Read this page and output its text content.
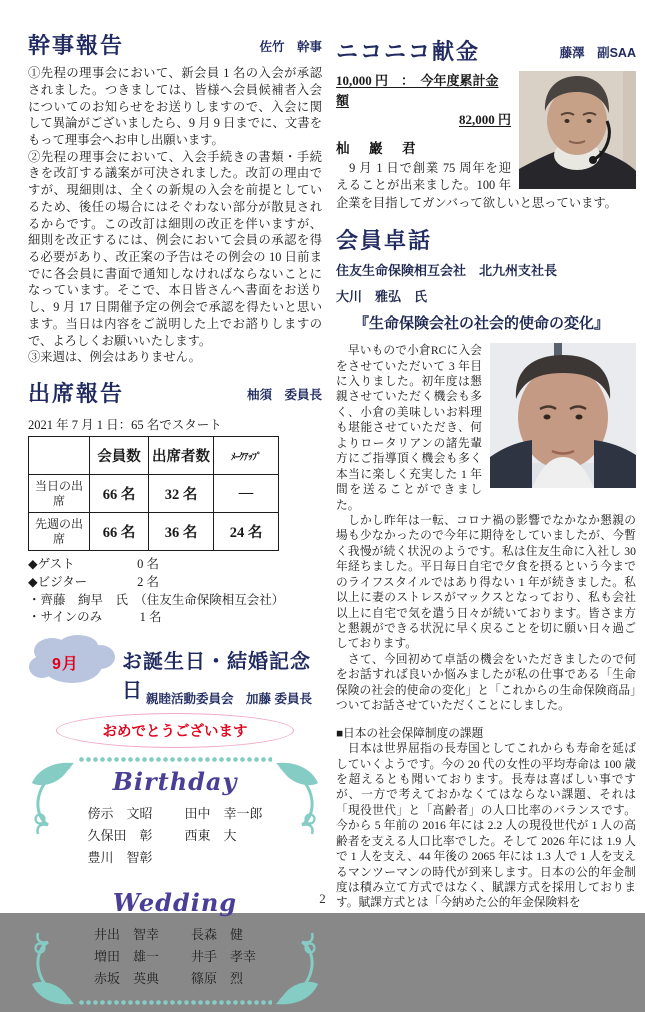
幹事報告	佐竹　幹事

①先程の理事会において、新会員 1 名の入会が承認されました。つきましては、皆様へ会員候補者入会についてのお知らせをお送りしますので、入会に関して異論がございましたら、9 月 9 日までに、文書をもって理事会へお申し出願います。

②先程の理事会において、入会手続きの書類・手続きを改訂する議案が可決されました。改訂の理由ですが、現細則は、全くの新規の入会を前提としているため、後任の場合にはそぐわない部分が散見されるからです。この改訂は細則の改正を伴いますが、細則を改正するには、例会において会員の承認を得る必要があり、改正案の予告はその例会の 10 日前までに各会員に書面で通知しなければならないことになっています。そこで、本日皆さんへ書面をお送りし、9 月 17 日開催予定の例会で承認を得たいと思います。当日は内容をご説明した上でお諮りしますので、よろしくお願いいたします。

③来週は、例会はありません。

出席報告	柚須　委員長

2021 年 7 月 1 日：65 名でスタート

	会員数	出席者数	ﾒｰｸｱｯﾌﾟ
当日の出席	66 名	32 名	―
先週の出席	66 名	36 名	24 名

◆ゲスト　　　　　0 名

◆ビジター　　　　2 名

・齊藤　絢早　氏　（住友生命保険相互会社）

・サインのみ　　　1 名

9月 お誕生日・結婚記念日 親睦活動委員会　加藤 委員長

おめでとうございます
Birthday
傍示　文昭 田中　幸一郎
久保田　彰 西東　大
豊川　智彰
Wedding
井出　智幸 長森　健
増田　雄一 井手　孝幸
赤坂　英典 篠原　烈
ニコニコ献金	藤澤　副SAA

10,000 円　：　今年度累計金額

82,000 円

杣　巖　君

　9 月 1 日で創業 75 周年を迎えることが出来ました。100 年企業を目指してガンバって欲しいと思っています。

会員卓話

住友生命保険相互会社　北九州支社長

大川　雅弘　氏

『生命保険会社の社会的使命の変化』

　早いもので小倉RCに入会をさせていただいて 3 年目に入りました。初年度は懇親させていただく機会も多く、小倉の美味しいお料理も堪能させていただき、何よりロータリアンの諸先輩方にご指導頂く機会も多く本当に楽しく充実した 1 年間を送ることができました。

　しかし昨年は一転、コロナ禍の影響でなかなか懇親の場も少なかったので今年に期待をしていましたが、今暫く我慢が続く状況のようです。私は住友生命に入社し 30 年経ちました。平日毎日自宅で夕食を摂るという今までのライフスタイルではあり得ない 1 年が続きました。私以上に妻のストレスがマックスとなっており、私も会社以上に自宅で気を遣う日々が続いております。皆さま方と懇親ができる状況に早く戻ることを切に願い日々過ごしております。

　さて、今回初めて卓話の機会をいただきましたので何をお話すれば良いか悩みましたが私の仕事である「生命保険の社会的使命の変化」と「これからの生命保険商品」ついてお話させていただくことにしました。

■日本の社会保障制度の課題

　日本は世界屈指の長寿国としてこれからも寿命を延ばしていくようです。今の 20 代の女性の平均寿命は 100 歳を超えるとも聞いております。長寿は喜ばしい事ですが、一方で考えておかなくてはならない課題、それは「現役世代」と「高齢者」の人口比率のバランスです。今から 5 年前の 2016 年には 2.2 人の現役世代が 1 人の高齢者を支える人口比率でした。そして 2026 年には 1.9 人で 1 人を支え、44 年後の 2065 年には 1.3 人で 1 人を支えるマンツーマンの時代が到来します。日本の公的年金制度は積み立て方式ではなく、賦課方式を採用しております。賦課方式とは「今納めた公的年金保険料を

2
